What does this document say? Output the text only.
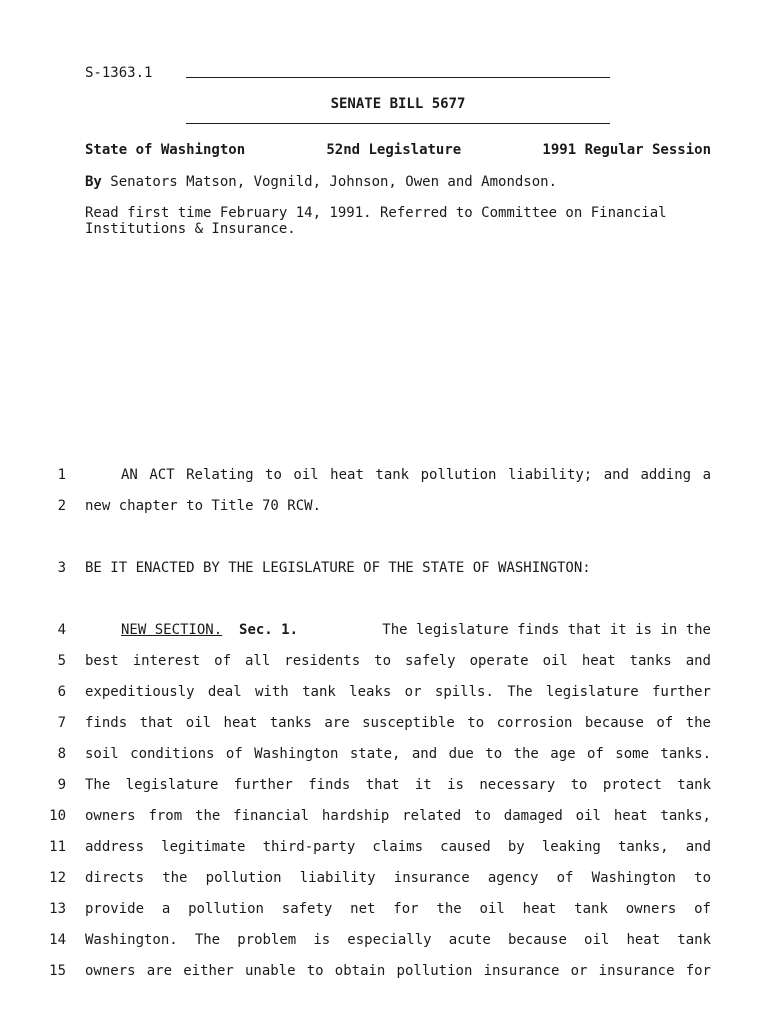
S-1363.1
SENATE BILL 5677
State of Washington	52nd Legislature	1991 Regular Session
By Senators Matson, Vognild, Johnson, Owen and Amondson.
Read first time February 14, 1991. Referred to Committee on Financial Institutions & Insurance.
1	AN ACT Relating to oil heat tank pollution liability; and adding a
2 new chapter to Title 70 RCW.
3 BE IT ENACTED BY THE LEGISLATURE OF THE STATE OF WASHINGTON:
4	NEW SECTION. Sec. 1.	The legislature finds that it is in the
5 best interest of all residents to safely operate oil heat tanks and
6 expeditiously deal with tank leaks or spills. The legislature further
7 finds that oil heat tanks are susceptible to corrosion because of the
8 soil conditions of Washington state, and due to the age of some tanks.
9 The legislature further finds that it is necessary to protect tank
10 owners from the financial hardship related to damaged oil heat tanks,
11 address legitimate third-party claims caused by leaking tanks, and
12 directs the pollution liability insurance agency of Washington to
13 provide a pollution safety net for the oil heat tank owners of
14 Washington. The problem is especially acute because oil heat tank
15 owners are either unable to obtain pollution insurance or insurance for
